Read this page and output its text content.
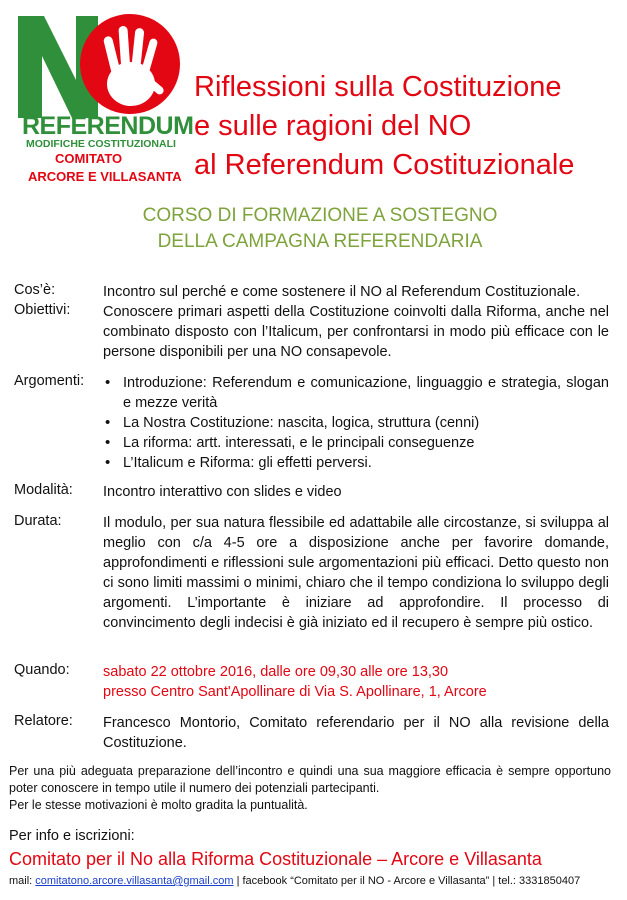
REFERENDUM
MODIFICHE COSTITUZIONALI
COMITATO
ARCORE E VILLASANTA
Riflessioni sulla Costituzione
e sulle ragioni del NO
al Referendum Costituzionale
CORSO DI FORMAZIONE A SOSTEGNO
DELLA CAMPAGNA REFERENDARIA
Cos’è:	Incontro sul perché e come sostenere il NO al Referendum Costituzionale.
Obiettivi: Conoscere primari aspetti della Costituzione coinvolti dalla Riforma, anche nel combinato disposto con l’Italicum, per confrontarsi in modo più efficace con le persone disponibili per una NO consapevole.
Argomenti:
•	Introduzione: Referendum e comunicazione, linguaggio e strategia, slogan e mezze verità
• La Nostra Costituzione: nascita, logica, struttura (cenni)
• La riforma: artt. interessati, e le principali conseguenze
• L’Italicum e Riforma: gli effetti perversi.
Modalità: Incontro interattivo con slides e video
Durata:	Il modulo, per sua natura flessibile ed adattabile alle circostanze, si sviluppa al meglio con c/a 4-5 ore a disposizione anche per favorire domande, approfondimenti e riflessioni sule argomentazioni più efficaci. Detto questo non ci sono limiti massimi o minimi, chiaro che il tempo condiziona lo sviluppo degli argomenti. L’importante è iniziare ad approfondire. Il processo di convincimento degli indecisi è già iniziato ed il recupero è sempre più ostico.
Quando: sabato 22 ottobre 2016, dalle ore 09,30 alle ore 13,30
presso Centro Sant'Apollinare di Via S. Apollinare, 1, Arcore
Relatore: Francesco Montorio, Comitato referendario per il NO alla revisione della Costituzione.
Per una più adeguata preparazione dell’incontro e quindi una sua maggiore efficacia è sempre opportuno poter conoscere in tempo utile il numero dei potenziali partecipanti.
Per le stesse motivazioni è molto gradita la puntualità.
Per info e iscrizioni:
Comitato per il No alla Riforma Costituzionale – Arcore e Villasanta
mail: comitatono.arcore.villasanta@gmail.com | facebook “Comitato per il NO - Arcore e Villasanta” | tel.: 3331850407
